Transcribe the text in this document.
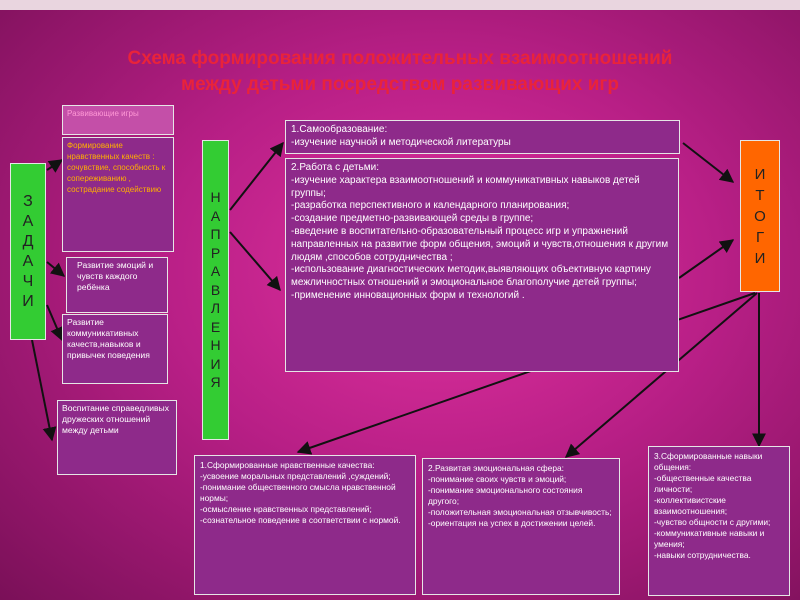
Схема формирования положительных взаимоотношений
между детьми посредством развивающих игр
З
А
Д
А
Ч
И
Развивающие игры
Формирование нравственных качеств : сочувствие, способность к сопереживанию , сострадание содействию
Развитие эмоций и чувств каждого ребёнка
Развитие коммуникативных качеств,навыков и привычек поведения
Воспитание справедливых дружеских отношений между детьми
Н
А
П
Р
А
В
Л
Е
Н
И
Я
1.Самообразование:
-изучение научной и методической литературы
2.Работа с детьми:
-изучение характера взаимоотношений и коммуникативных навыков детей группы;
-разработка перспективного и календарного планирования;
-создание предметно-развивающей среды в группе;
-введение в воспитательно-образовательный процесс игр и упражнений направленных на развитие форм общения, эмоций и чувств,отношения к другим людям ,способов сотрудничества ;
-использование диагностических методик,выявляющих объективную картину межличностных отношений и эмоциональное благополучие детей группы;
-применение инновационных форм и технологий .
И
Т
О
Г
И
1.Сформированные нравственные качества:
-усвоение моральных представлений ,суждений;
-понимание общественного смысла нравственной нормы;
-осмысление нравственных представлений;
-сознательное поведение в соответствии с нормой.
2.Развитая эмоциональная сфера:
-понимание своих чувств и эмоций;
-понимание эмоционального состояния другого;
-положительная эмоциональная отзывчивость;
-ориентация на успех в достижении целей.
3.Сформированные навыки общения:
-общественные качества личности;
-коллективистские взаимоотношения;
-чувство общности с другими;
-коммуникативные навыки и умения;
-навыки сотрудничества.
